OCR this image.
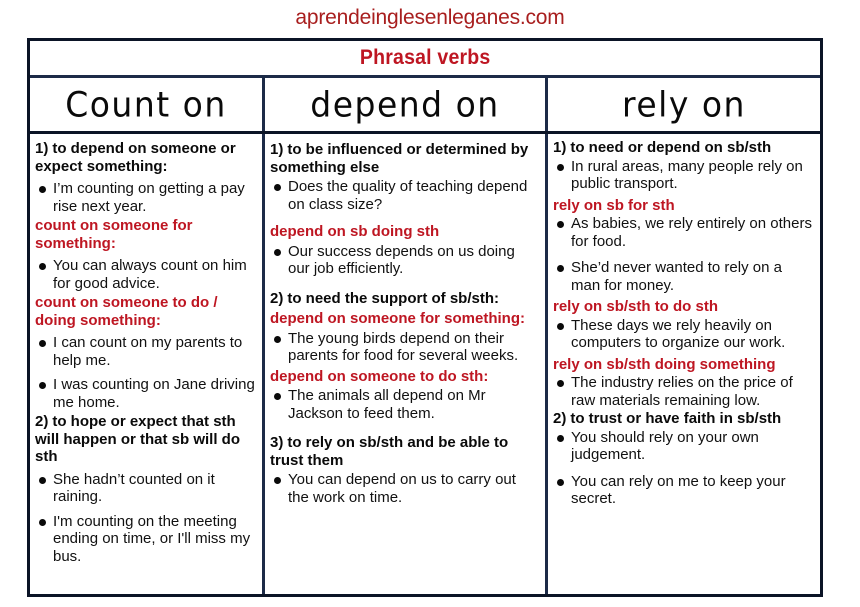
aprendeinglesenleganes.com
Phrasal verbs
Count on	depend on	rely on
1) to depend on someone or expect something:
I’m counting on getting a pay rise next year.
count on someone for something:
You can always count on him for good advice.
count on someone to do / doing something:
I can count on my parents to help me.
I was counting on Jane driving me home.
2) to hope or expect that sth will happen or that sb will do sth
She hadn’t counted on it raining.
I'm counting on the meeting ending on time, or I'll miss my bus.
1) to be influenced or determined by something else
Does the quality of teaching depend on class size?
depend on sb doing sth
Our success depends on us doing our job efficiently.
2) to need the support of sb/sth:
depend on someone for something:
The young birds depend on their parents for food for several weeks.
depend on someone to do sth:
The animals all depend on Mr Jackson to feed them.
3) to rely on sb/sth and be able to trust them
You can depend on us to carry out the work on time.
1) to need or depend on sb/sth
In rural areas, many people rely on public transport.
rely on sb for sth
As babies, we rely entirely on others for food.
She’d never wanted to rely on a man for money.
rely on sb/sth to do sth
These days we rely heavily on computers to organize our work.
rely on sb/sth doing something
The industry relies on the price of raw materials remaining low.
2) to trust or have faith in sb/sth
You should rely on your own judgement.
You can rely on me to keep your secret.
